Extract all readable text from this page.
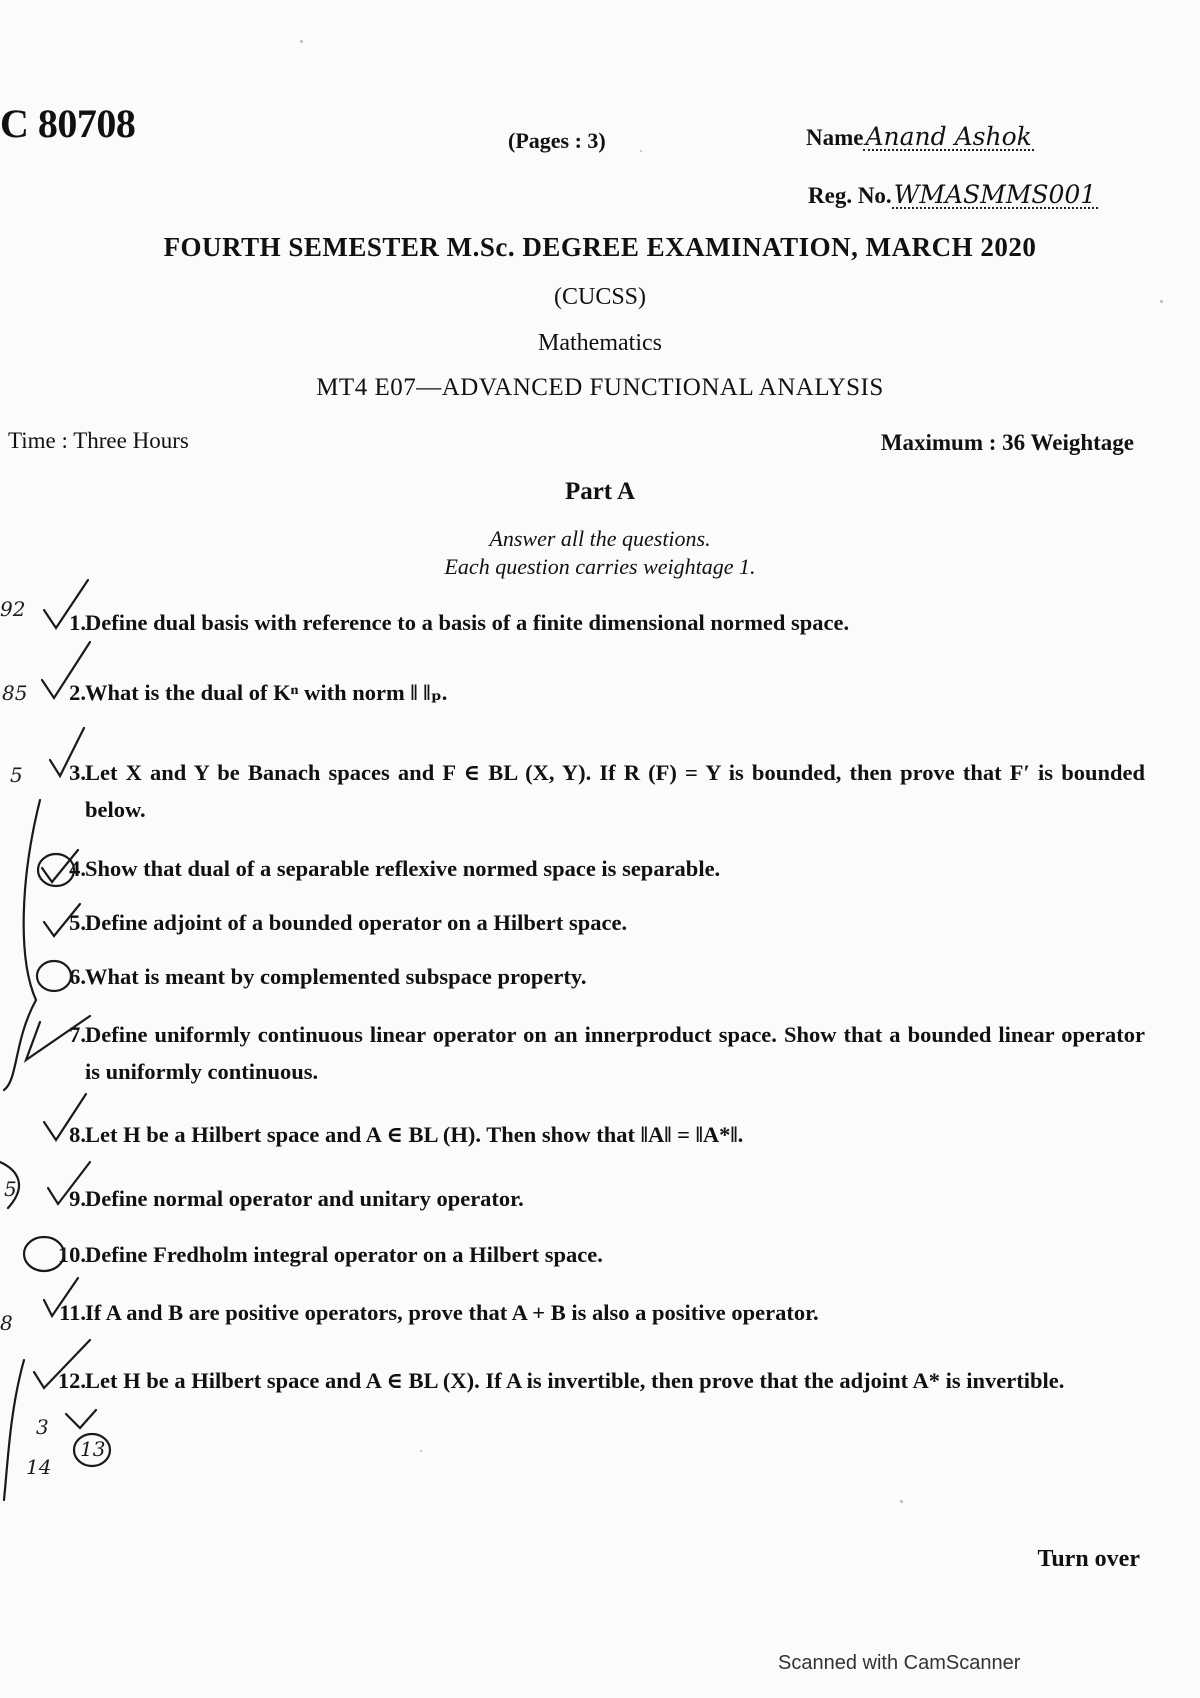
C 80708	(Pages : 3)	NameAnand Ashok
Reg. No.WMASMMS001
FOURTH SEMESTER M.Sc. DEGREE EXAMINATION, MARCH 2020
(CUCSS)
Mathematics
MT4 E07—ADVANCED FUNCTIONAL ANALYSIS
Time : Three Hours	Maximum : 36 Weightage
Part A
Answer all the questions.
Each question carries weightage 1.
1. Define dual basis with reference to a basis of a finite dimensional normed space.
2. What is the dual of Kⁿ with norm ‖ ‖ₚ.
3. Let X and Y be Banach spaces and F ∈ BL (X, Y). If R (F) = Y is bounded, then prove that F′ is bounded below.
4. Show that dual of a separable reflexive normed space is separable.
5. Define adjoint of a bounded operator on a Hilbert space.
6. What is meant by complemented subspace property.
7. Define uniformly continuous linear operator on an innerproduct space. Show that a bounded linear operator is uniformly continuous.
8. Let H be a Hilbert space and A ∈ BL (H). Then show that ‖A‖ = ‖A*‖.
9. Define normal operator and unitary operator.
10. Define Fredholm integral operator on a Hilbert space.
11. If A and B are positive operators, prove that A + B is also a positive operator.
12. Let H be a Hilbert space and A ∈ BL (X). If A is invertible, then prove that the adjoint A* is invertible.
92
85
5
3
14
13
8
5
Turn over
Scanned with CamScanner
